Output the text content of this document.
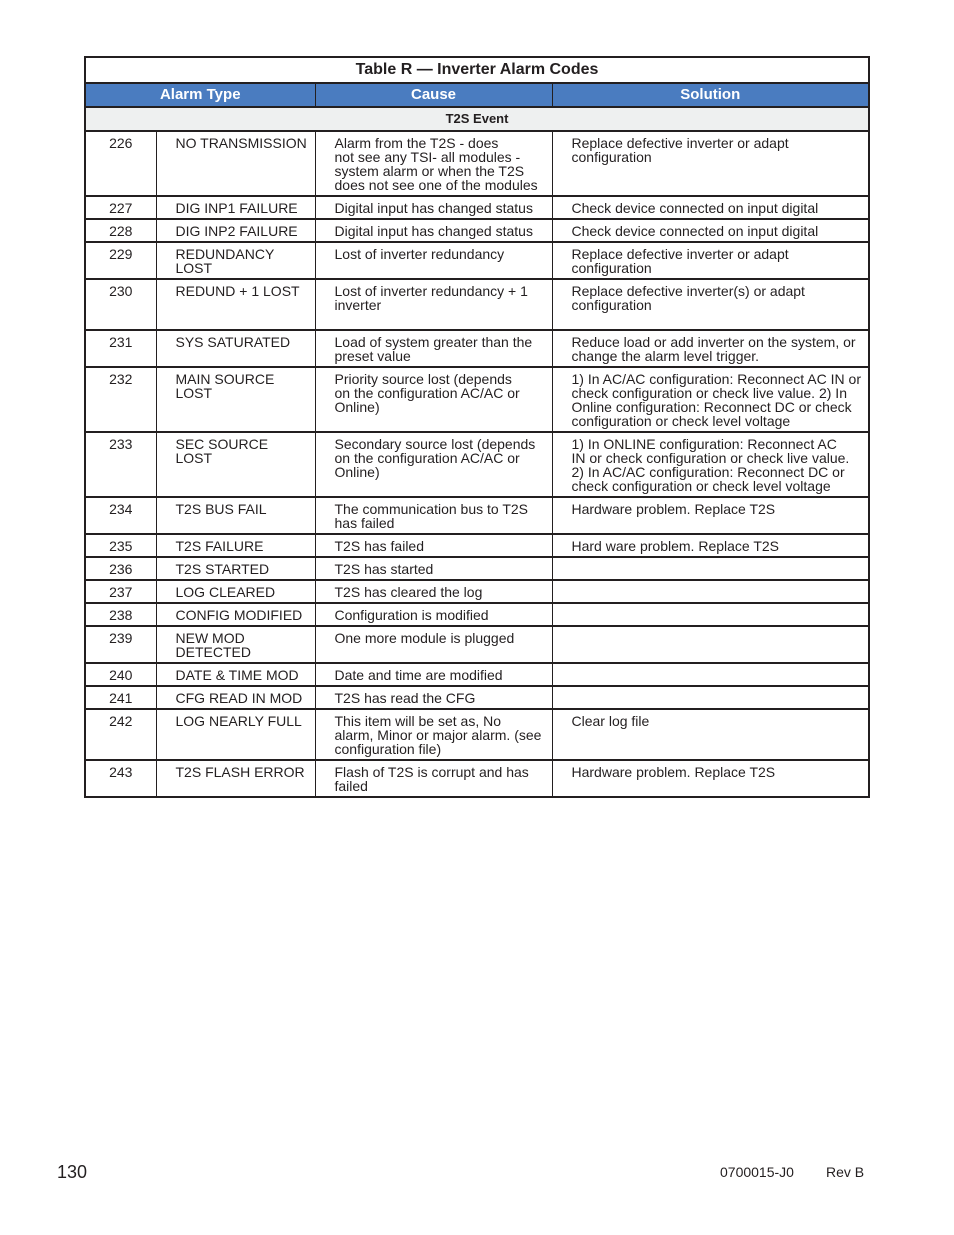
Table R — Inverter Alarm Codes			
Alarm Type		Cause	Solution
T2S Event			
226	NO TRANSMISSION	Alarm from the T2S - does
not see any TSI- all modules -
system alarm or when the T2S
does not see one of the modules	Replace defective inverter or adapt
configuration
227	DIG INP1 FAILURE	Digital input has changed status	Check device connected on input digital
228	DIG INP2 FAILURE	Digital input has changed status	Check device connected on input digital
229	REDUNDANCY
LOST	Lost of inverter redundancy	Replace defective inverter or adapt
configuration
230	REDUND + 1 LOST	Lost of inverter redundancy + 1
inverter	Replace defective inverter(s) or adapt
configuration
231	SYS SATURATED	Load of system greater than the
preset value	Reduce load or add inverter on the system, or
change the alarm level trigger.
232	MAIN SOURCE
LOST	Priority source lost (depends
on the configuration AC/AC or
Online)	1) In AC/AC configuration: Reconnect AC IN or
check configuration or check live value. 2) In
Online configuration: Reconnect DC or check
configuration or check level voltage
233	SEC SOURCE
LOST	Secondary source lost (depends
on the configuration AC/AC or
Online)	1) In ONLINE configuration: Reconnect AC
IN or check configuration or check live value.
2) In AC/AC configuration: Reconnect DC or
check configuration or check level voltage
234	T2S BUS FAIL	The communication bus to T2S
has failed	Hardware problem. Replace T2S
235	T2S FAILURE	T2S has failed	Hard ware problem. Replace T2S
236	T2S STARTED	T2S has started	
237	LOG CLEARED	T2S has cleared the log	
238	CONFIG MODIFIED	Configuration is modified	
239	NEW MOD
DETECTED	One more module is plugged	
240	DATE & TIME MOD	Date and time are modified	
241	CFG READ IN MOD	T2S has read the CFG	
242	LOG NEARLY FULL	This item will be set as, No
alarm, Minor or major alarm. (see
configuration file)	Clear log file
243	T2S FLASH ERROR	Flash of T2S is corrupt and has
failed	Hardware problem. Replace T2S
130	0700015-J0 Rev B
